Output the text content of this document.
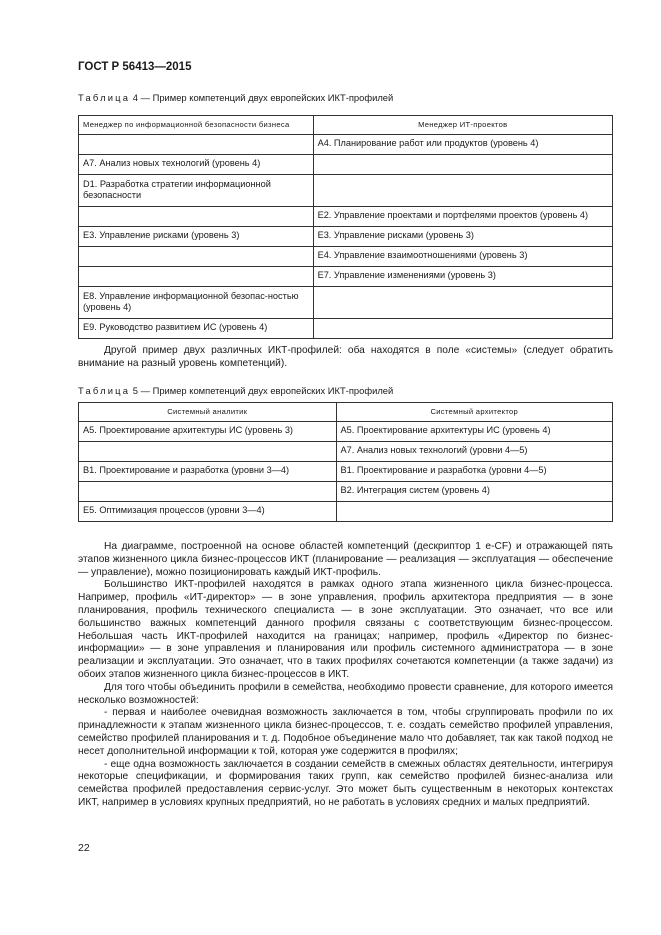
ГОСТ Р 56413—2015
Таблица 4 — Пример компетенций двух европейских ИКТ-профилей
Менеджер по информационной безопасности бизнеса	Менеджер ИТ-проектов
	А4. Планирование работ или продуктов (уровень 4)
А7. Анализ новых технологий (уровень 4)	
D1. Разработка стратегии информационной безопасности	
	Е2. Управление проектами и портфелями проектов (уровень 4)
Е3. Управление рисками (уровень 3)	Е3. Управление рисками (уровень 3)
	Е4. Управление взаимоотношениями (уровень 3)
	Е7. Управление изменениями (уровень 3)
Е8. Управление информационной безопас-ностью (уровень 4)	
Е9. Руководство развитием ИС (уровень 4)	

Другой пример двух различных ИКТ-профилей: оба находятся в поле «системы» (следует обратить внимание на разный уровень компетенций).

Таблица 5 — Пример компетенций двух европейских ИКТ-профилей
Системный аналитик	Системный архитектор
А5. Проектирование архитектуры ИС (уровень 3)	А5. Проектирование архитектуры ИС (уровень 4)
	А7. Анализ новых технологий (уровни 4—5)
В1. Проектирование и разработка (уровни 3—4)	В1. Проектирование и разработка (уровни 4—5)
	В2. Интеграция систем (уровень 4)
Е5. Оптимизация процессов (уровни 3—4)	

На диаграмме, построенной на основе областей компетенций (дескриптор 1 e-CF) и отражающей пять этапов жизненного цикла бизнес-процессов ИКТ (планирование — реализация — эксплуатация — обеспечение — управление), можно позиционировать каждый ИКТ-профиль.

Большинство ИКТ-профилей находятся в рамках одного этапа жизненного цикла бизнес-процесса. Например, профиль «ИТ-директор» — в зоне управления, профиль архитектора предприятия — в зоне планирования, профиль технического специалиста — в зоне эксплуатации. Это означает, что все или большинство важных компетенций данного профиля связаны с соответствующим бизнес-процессом. Небольшая часть ИКТ-профилей находится на границах; например, профиль «Директор по бизнес-информации» — в зоне управления и планирования или профиль системного администратора — в зоне реализации и эксплуатации. Это означает, что в таких профилях сочетаются компетенции (а также задачи) из обоих этапов жизненного цикла бизнес-процессов в ИКТ.

Для того чтобы объединить профили в семейства, необходимо провести сравнение, для которого имеется несколько возможностей:

- первая и наиболее очевидная возможность заключается в том, чтобы сгруппировать профили по их принадлежности к этапам жизненного цикла бизнес-процессов, т. е. создать семейство профилей управления, семейство профилей планирования и т. д. Подобное объединение мало что добавляет, так как такой подход не несет дополнительной информации к той, которая уже содержится в профилях;

- еще одна возможность заключается в создании семейств в смежных областях деятельности, интегрируя некоторые спецификации, и формирования таких групп, как семейство профилей бизнес-анализа или семейства профилей предоставления сервис-услуг. Это может быть существенным в некоторых контекстах ИКТ, например в условиях крупных предприятий, но не работать в условиях средних и малых предприятий.

22
